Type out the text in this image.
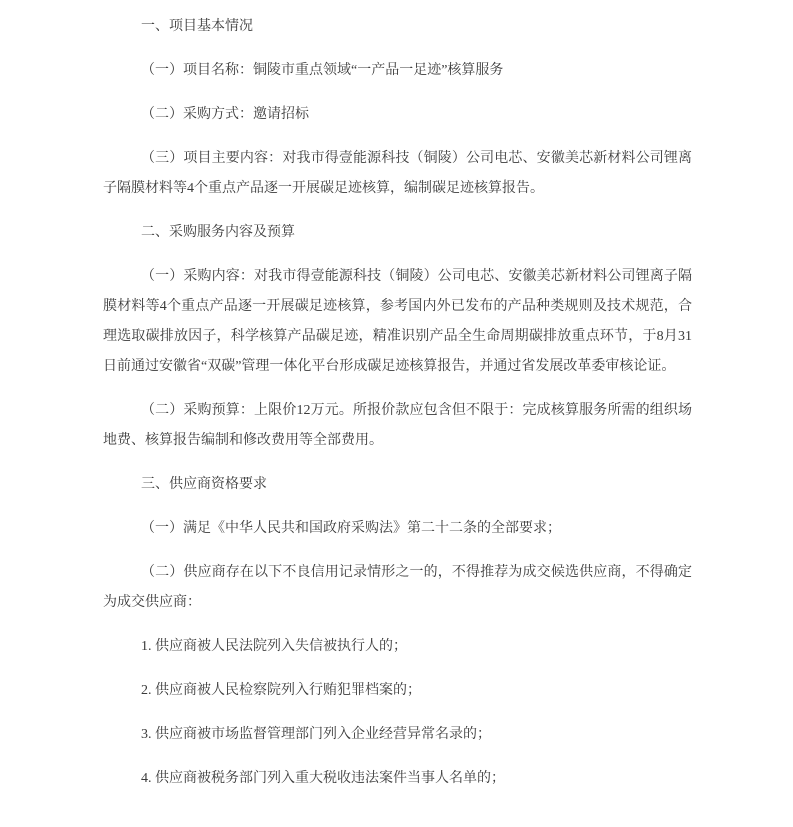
一、项目基本情况

（一）项目名称：铜陵市重点领域“一产品一足迹”核算服务

（二）采购方式：邀请招标

（三）项目主要内容：对我市得壹能源科技（铜陵）公司电芯、安徽美芯新材料公司锂离子隔膜材料等4个重点产品逐一开展碳足迹核算，编制碳足迹核算报告。

二、采购服务内容及预算

（一）采购内容：对我市得壹能源科技（铜陵）公司电芯、安徽美芯新材料公司锂离子隔膜材料等4个重点产品逐一开展碳足迹核算，参考国内外已发布的产品种类规则及技术规范，合理选取碳排放因子，科学核算产品碳足迹，精准识别产品全生命周期碳排放重点环节，于8月31日前通过安徽省“双碳”管理一体化平台形成碳足迹核算报告，并通过省发展改革委审核论证。

（二）采购预算：上限价12万元。所报价款应包含但不限于：完成核算服务所需的组织场地费、核算报告编制和修改费用等全部费用。

三、供应商资格要求

（一）满足《中华人民共和国政府采购法》第二十二条的全部要求；

（二）供应商存在以下不良信用记录情形之一的，不得推荐为成交候选供应商，不得确定为成交供应商：

1. 供应商被人民法院列入失信被执行人的；

2. 供应商被人民检察院列入行贿犯罪档案的；

3. 供应商被市场监督管理部门列入企业经营异常名录的；

4. 供应商被税务部门列入重大税收违法案件当事人名单的；
